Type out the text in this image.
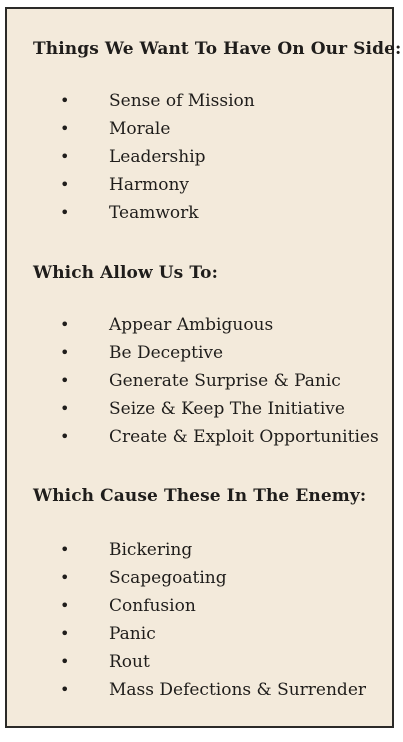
Things We Want To Have On Our Side:
• Sense of Mission
• Morale
• Leadership
• Harmony
• Teamwork
Which Allow Us To:
• Appear Ambiguous
• Be Deceptive
• Generate Surprise & Panic
• Seize & Keep The Initiative
• Create & Exploit Opportunities
Which Cause These In The Enemy:
• Bickering
• Scapegoating
• Confusion
• Panic
• Rout
• Mass Defections & Surrender
